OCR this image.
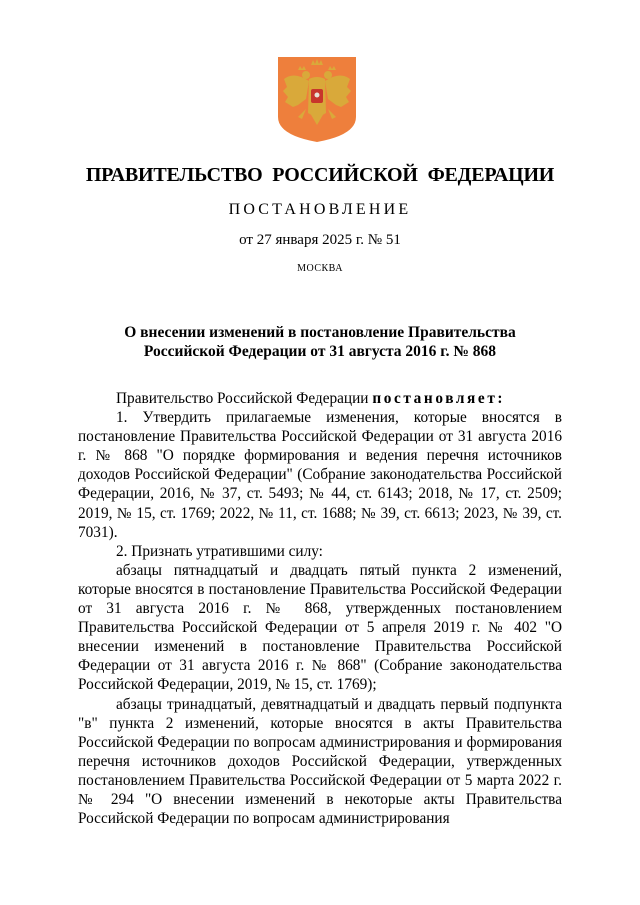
ПРАВИТЕЛЬСТВО РОССИЙСКОЙ ФЕДЕРАЦИИ
ПОСТАНОВЛЕНИЕ
от 27 января 2025 г. № 51
МОСКВА
О внесении изменений в постановление Правительства
Российской Федерации от 31 августа 2016 г. № 868

Правительство Российской Федерации постановляет:

1. Утвердить прилагаемые изменения, которые вносятся в постановление Правительства Российской Федерации от 31 августа 2016 г. № 868 "О порядке формирования и ведения перечня источников доходов Российской Федерации" (Собрание законодательства Российской Федерации, 2016, № 37, ст. 5493; № 44, ст. 6143; 2018, № 17, ст. 2509; 2019, № 15, ст. 1769; 2022, № 11, ст. 1688; № 39, ст. 6613; 2023, № 39, ст. 7031).

2. Признать утратившими силу:

абзацы пятнадцатый и двадцать пятый пункта 2 изменений, которые вносятся в постановление Правительства Российской Федерации от 31 августа 2016 г. № 868, утвержденных постановлением Правительства Российской Федерации от 5 апреля 2019 г. № 402 "О внесении изменений в постановление Правительства Российской Федерации от 31 августа 2016 г. № 868" (Собрание законодательства Российской Федерации, 2019, № 15, ст. 1769);

абзацы тринадцатый, девятнадцатый и двадцать первый подпункта "в" пункта 2 изменений, которые вносятся в акты Правительства Российской Федерации по вопросам администрирования и формирования перечня источников доходов Российской Федерации, утвержденных постановлением Правительства Российской Федерации от 5 марта 2022 г. № 294 "О внесении изменений в некоторые акты Правительства Российской Федерации по вопросам администрирования
